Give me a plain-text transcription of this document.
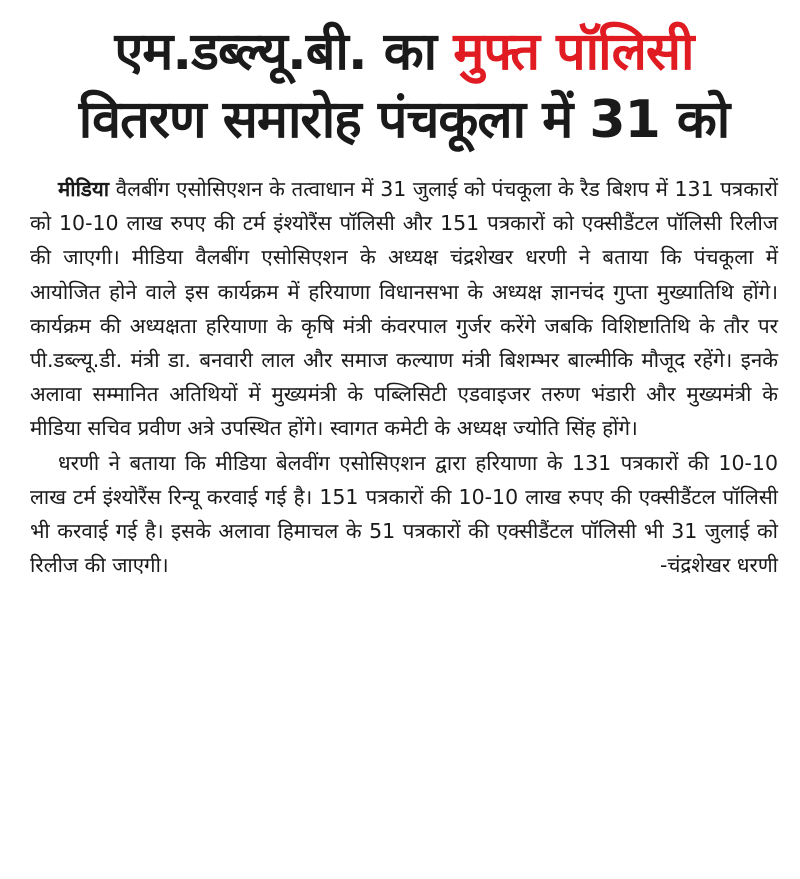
एम.डब्ल्यू.बी. का मुफ्त पॉलिसी
वितरण समारोह पंचकूला में 31 को

मीडिया वैलबींग एसोसिएशन के तत्वाधान में 31 जुलाई को पंचकूला के रैड बिशप में 131 पत्रकारों को 10-10 लाख रुपए की टर्म इंश्योरैंस पॉलिसी और 151 पत्रकारों को एक्सीडैंटल पॉलिसी रिलीज की जाएगी। मीडिया वैलबींग एसोसिएशन के अध्यक्ष चंद्रशेखर धरणी ने बताया कि पंचकूला में आयोजित होने वाले इस कार्यक्रम में हरियाणा विधानसभा के अध्यक्ष ज्ञानचंद गुप्ता मुख्यातिथि होंगे। कार्यक्रम की अध्यक्षता हरियाणा के कृषि मंत्री कंवरपाल गुर्जर करेंगे जबकि विशिष्टातिथि के तौर पर पी.डब्ल्यू.डी. मंत्री डा. बनवारी लाल और समाज कल्याण मंत्री बिशम्भर बाल्मीकि मौजूद रहेंगे। इनके अलावा सम्मानित अतिथियों में मुख्यमंत्री के पब्लिसिटी एडवाइजर तरुण भंडारी और मुख्यमंत्री के मीडिया सचिव प्रवीण अत्रे उपस्थित होंगे। स्वागत कमेटी के अध्यक्ष ज्योति सिंह होंगे।

धरणी ने बताया कि मीडिया बेलवींग एसोसिएशन द्वारा हरियाणा के 131 पत्रकारों की 10-10 लाख टर्म इंश्योरैंस रिन्यू करवाई गई है। 151 पत्रकारों की 10-10 लाख रुपए की एक्सीडैंटल पॉलिसी भी करवाई गई है। इसके अलावा हिमाचल के 51 पत्रकारों की एक्सीडैंटल पॉलिसी भी 31 जुलाई को रिलीज की जाएगी।	-चंद्रशेखर धरणी
